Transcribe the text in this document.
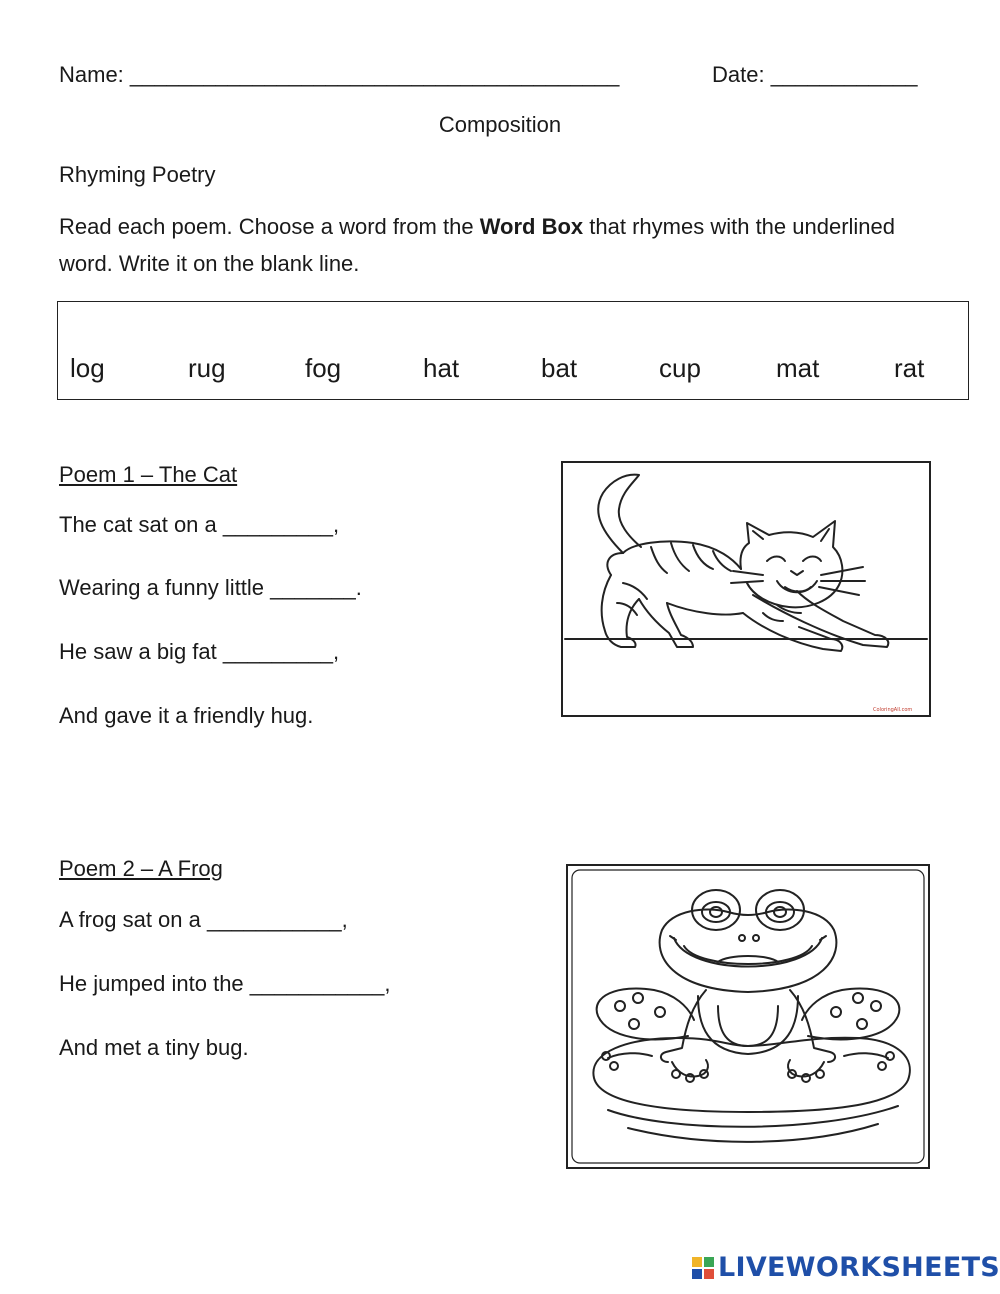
Name: ________________________________________	Date: ____________
Composition
Rhyming Poetry
Read each poem. Choose a word from the Word Box that rhymes with the underlined word. Write it on the blank line.
log	rug	fog	hat	bat	cup	mat	rat
Poem 1 – The Cat
The cat sat on a _________,
Wearing a funny little _______.
He saw a big fat _________,
And gave it a friendly hug.	ColoringAll.com
Poem 2 – A Frog
A frog sat on a ___________,
He jumped into the ___________,
And met a tiny bug.
LIVEWORKSHEETS
